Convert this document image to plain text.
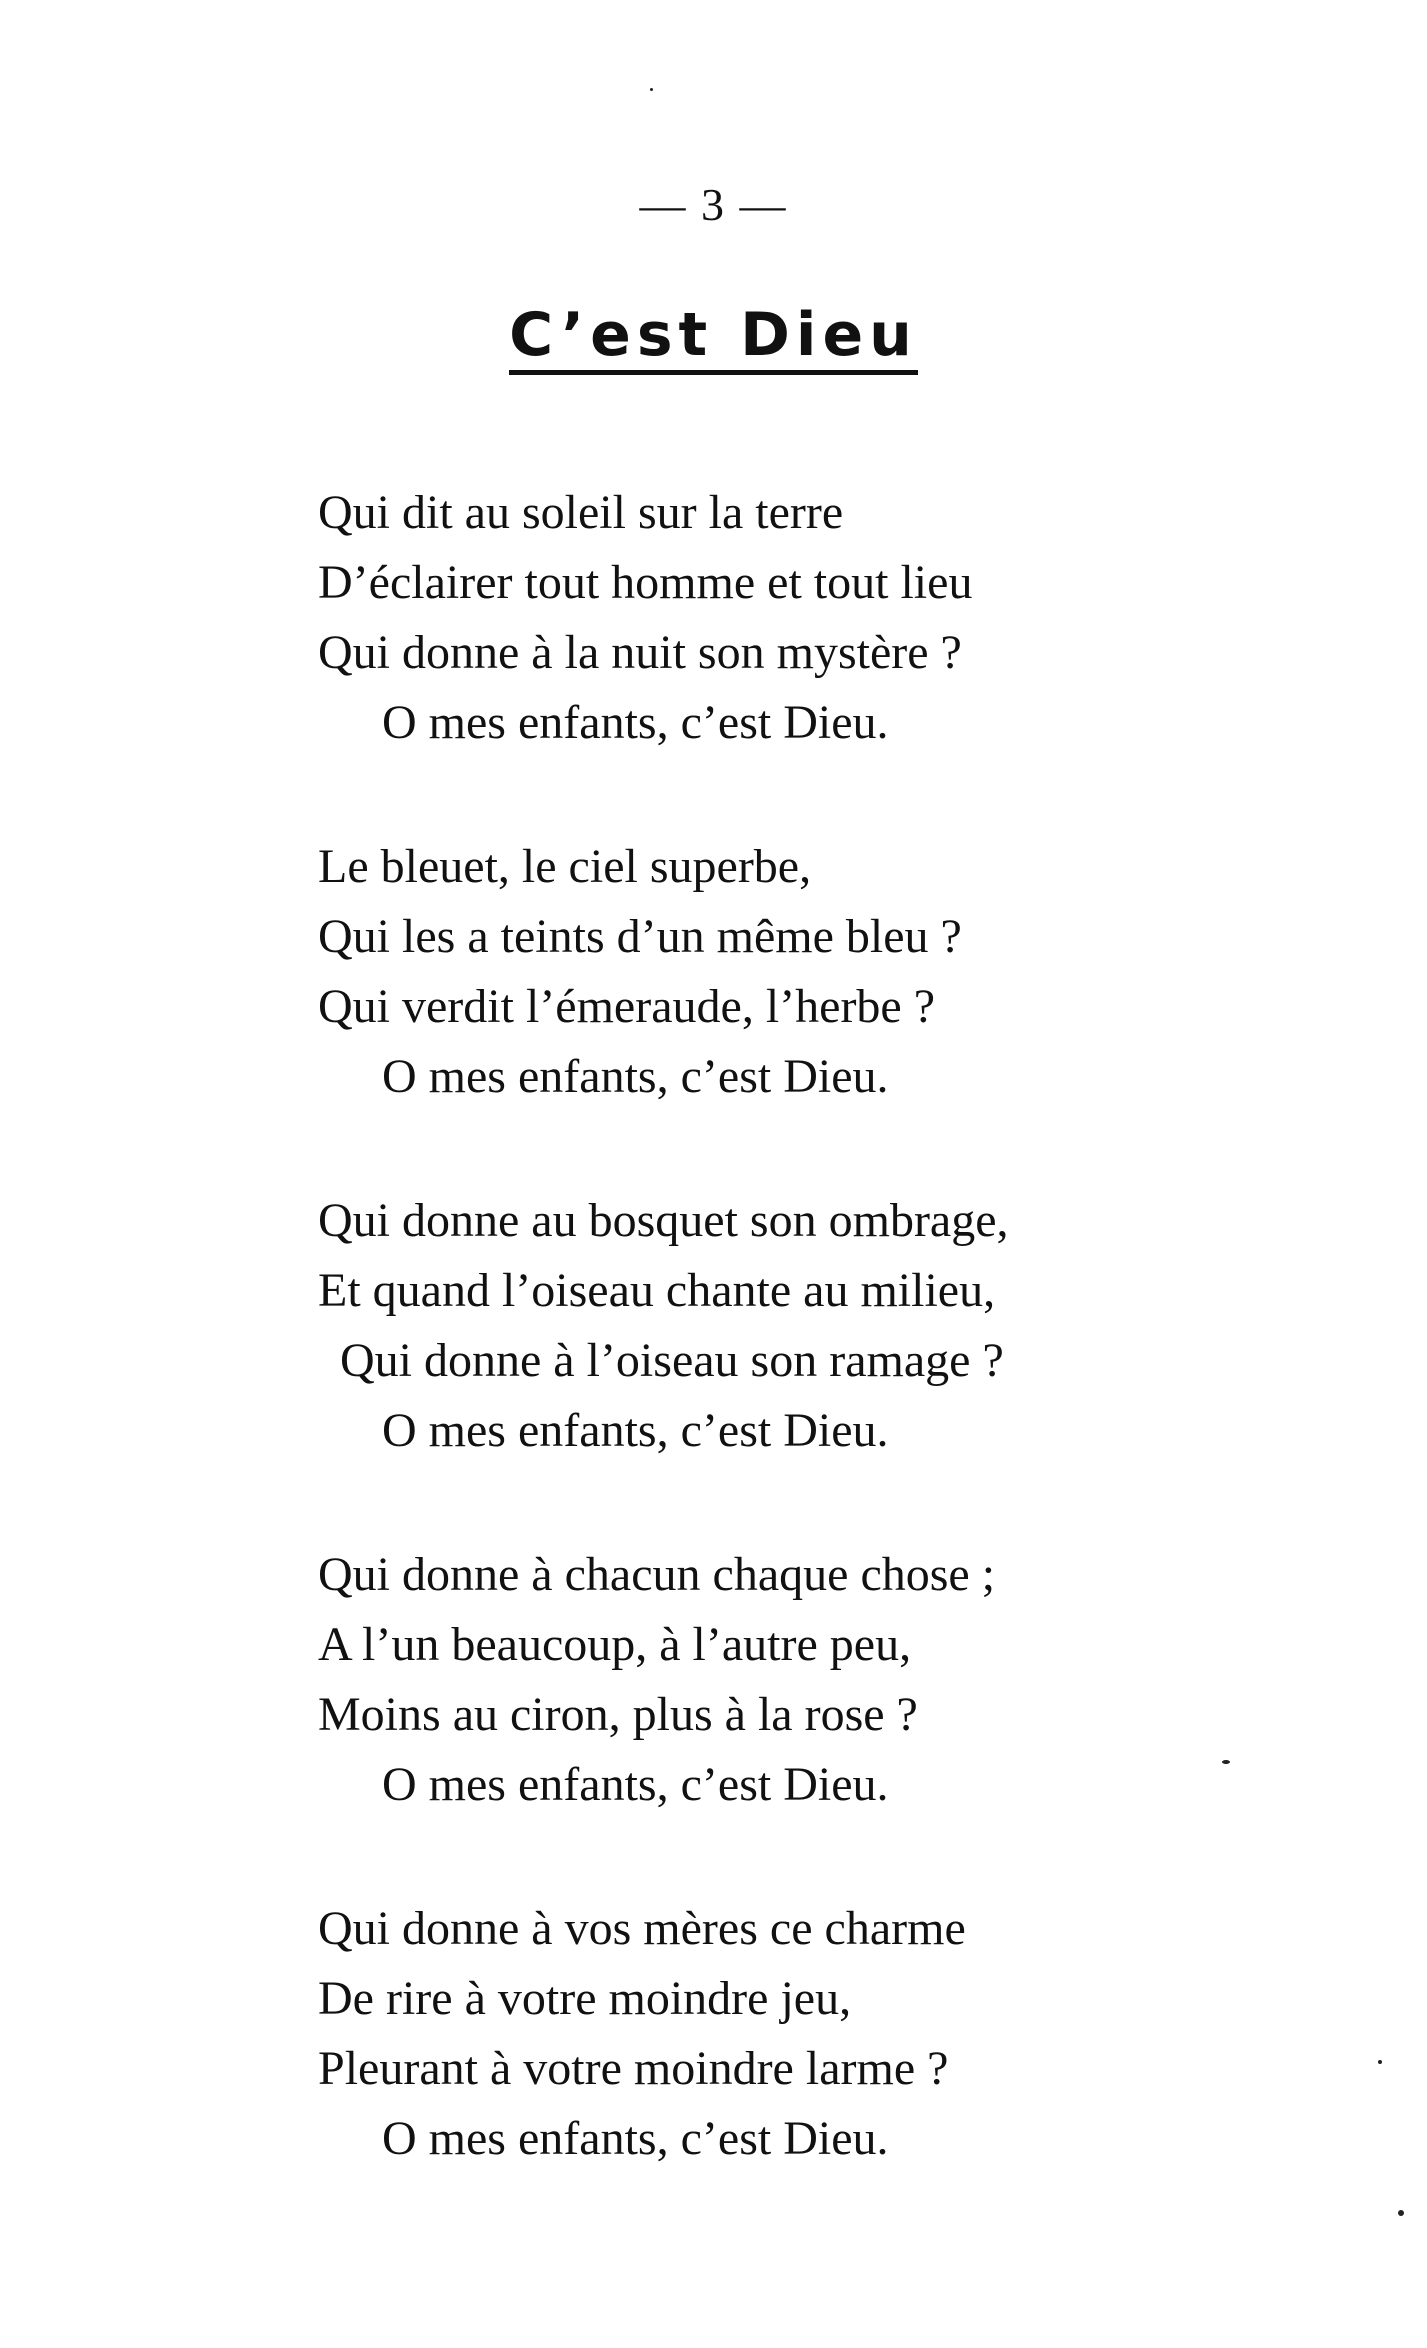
— 3 —
C’est Dieu
Qui dit au soleil sur la terre
D’éclairer tout homme et tout lieu
Qui donne à la nuit son mystère ?
O mes enfants, c’est Dieu.
Le bleuet, le ciel superbe,
Qui les a teints d’un même bleu ?
Qui verdit l’émeraude, l’herbe ?
O mes enfants, c’est Dieu.
Qui donne au bosquet son ombrage,
Et quand l’oiseau chante au milieu,
Qui donne à l’oiseau son ramage ?
O mes enfants, c’est Dieu.
Qui donne à chacun chaque chose ;
A l’un beaucoup, à l’autre peu,
Moins au ciron, plus à la rose ?
O mes enfants, c’est Dieu.
Qui donne à vos mères ce charme
De rire à votre moindre jeu,
Pleurant à votre moindre larme ?
O mes enfants, c’est Dieu.
